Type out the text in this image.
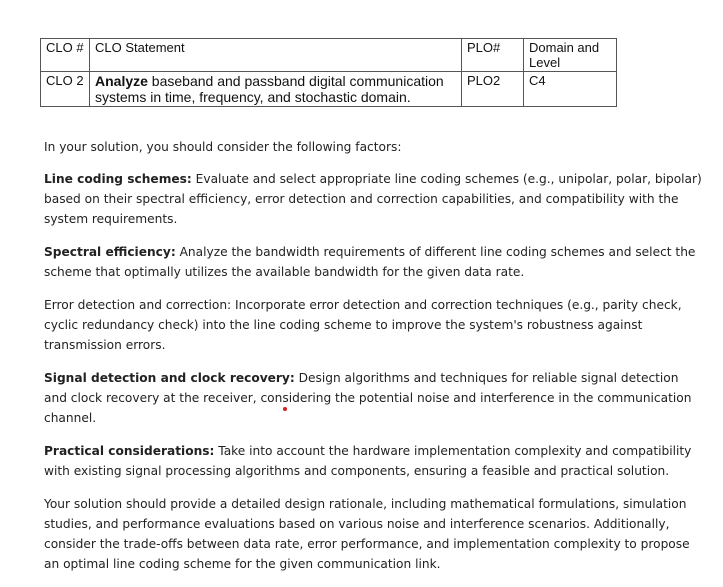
CLO #	CLO Statement	PLO#	Domain and Level
CLO 2	Analyze baseband and passband digital communication systems in time, frequency, and stochastic domain.	PLO2	C4

In your solution, you should consider the following factors:

Line coding schemes: Evaluate and select appropriate line coding schemes (e.g., unipolar, polar, bipolar) based on their spectral efficiency, error detection and correction capabilities, and compatibility with the system requirements.

Spectral efficiency: Analyze the bandwidth requirements of different line coding schemes and select the scheme that optimally utilizes the available bandwidth for the given data rate.

Error detection and correction: Incorporate error detection and correction techniques (e.g., parity check, cyclic redundancy check) into the line coding scheme to improve the system's robustness against transmission errors.

Signal detection and clock recovery: Design algorithms and techniques for reliable signal detection and clock recovery at the receiver, considering the potential noise and interference in the communication channel.

Practical considerations: Take into account the hardware implementation complexity and compatibility with existing signal processing algorithms and components, ensuring a feasible and practical solution.

Your solution should provide a detailed design rationale, including mathematical formulations, simulation studies, and performance evaluations based on various noise and interference scenarios. Additionally, consider the trade-offs between data rate, error performance, and implementation complexity to propose an optimal line coding scheme for the given communication link.
